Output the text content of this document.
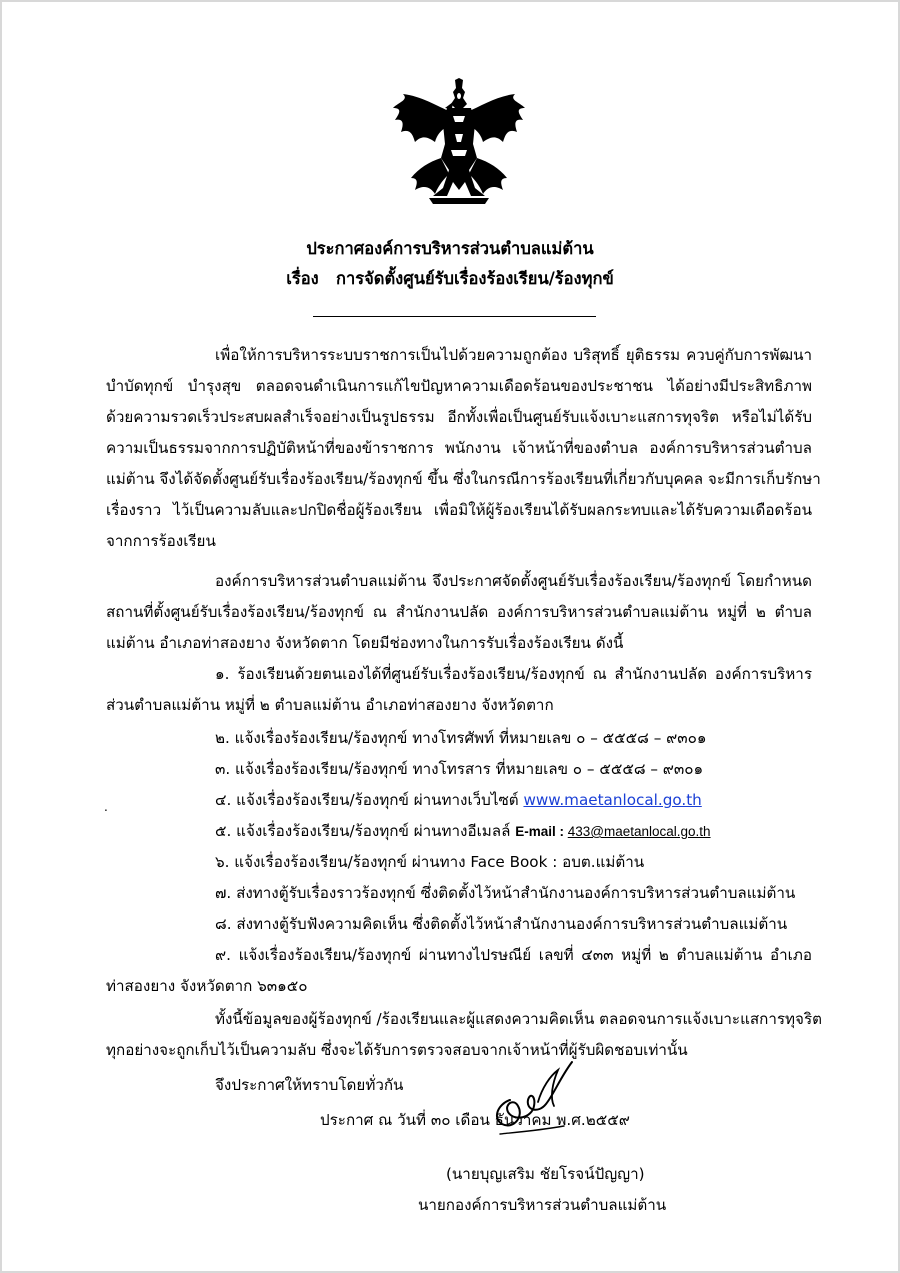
ประกาศองค์การบริหารส่วนตำบลแม่ต้าน
เรื่อง การจัดตั้งศูนย์รับเรื่องร้องเรียน/ร้องทุกข์
เพื่อให้การบริหารระบบราชการเป็นไปด้วยความถูกต้อง บริสุทธิ์ ยุติธรรม ควบคู่กับการพัฒนา
บำบัดทุกข์ บำรุงสุข ตลอดจนดำเนินการแก้ไขปัญหาความเดือดร้อนของประชาชน ได้อย่างมีประสิทธิภาพ
ด้วยความรวดเร็วประสบผลสำเร็จอย่างเป็นรูปธรรม อีกทั้งเพื่อเป็นศูนย์รับแจ้งเบาะแสการทุจริต หรือไม่ได้รับ
ความเป็นธรรมจากการปฏิบัติหน้าที่ของข้าราชการ พนักงาน เจ้าหน้าที่ของตำบล องค์การบริหารส่วนตำบล
แม่ต้าน จึงได้จัดตั้งศูนย์รับเรื่องร้องเรียน/ร้องทุกข์ ขึ้น ซึ่งในกรณีการร้องเรียนที่เกี่ยวกับบุคคล จะมีการเก็บรักษา
เรื่องราว ไว้เป็นความลับและปกปิดชื่อผู้ร้องเรียน เพื่อมิให้ผู้ร้องเรียนได้รับผลกระทบและได้รับความเดือดร้อน
จากการร้องเรียน
องค์การบริหารส่วนตำบลแม่ต้าน จึงประกาศจัดตั้งศูนย์รับเรื่องร้องเรียน/ร้องทุกข์ โดยกำหนด
สถานที่ตั้งศูนย์รับเรื่องร้องเรียน/ร้องทุกข์ ณ สำนักงานปลัด องค์การบริหารส่วนตำบลแม่ต้าน หมู่ที่ ๒ ตำบล
แม่ต้าน อำเภอท่าสองยาง จังหวัดตาก โดยมีช่องทางในการรับเรื่องร้องเรียน ดังนี้
๑. ร้องเรียนด้วยตนเองได้ที่ศูนย์รับเรื่องร้องเรียน/ร้องทุกข์ ณ สำนักงานปลัด องค์การบริหาร
ส่วนตำบลแม่ต้าน หมู่ที่ ๒ ตำบลแม่ต้าน อำเภอท่าสองยาง จังหวัดตาก
๒. แจ้งเรื่องร้องเรียน/ร้องทุกข์ ทางโทรศัพท์ ที่หมายเลข ๐ – ๕๕๕๘ – ๙๓๐๑
๓. แจ้งเรื่องร้องเรียน/ร้องทุกข์ ทางโทรสาร ที่หมายเลข ๐ – ๕๕๕๘ – ๙๓๐๑
๔. แจ้งเรื่องร้องเรียน/ร้องทุกข์ ผ่านทางเว็บไซต์ www.maetanlocal.go.th
๕. แจ้งเรื่องร้องเรียน/ร้องทุกข์ ผ่านทางอีเมลล์ E-mail : 433@maetanlocal.go.th
.
๖. แจ้งเรื่องร้องเรียน/ร้องทุกข์ ผ่านทาง Face Book : อบต.แม่ต้าน
๗. ส่งทางตู้รับเรื่องราวร้องทุกข์ ซึ่งติดตั้งไว้หน้าสำนักงานองค์การบริหารส่วนตำบลแม่ต้าน
๘. ส่งทางตู้รับฟังความคิดเห็น ซึ่งติดตั้งไว้หน้าสำนักงานองค์การบริหารส่วนตำบลแม่ต้าน
๙. แจ้งเรื่องร้องเรียน/ร้องทุกข์ ผ่านทางไปรษณีย์ เลขที่ ๔๓๓ หมู่ที่ ๒ ตำบลแม่ต้าน อำเภอ
ท่าสองยาง จังหวัดตาก ๖๓๑๕๐
ทั้งนี้ข้อมูลของผู้ร้องทุกข์ /ร้องเรียนและผู้แสดงความคิดเห็น ตลอดจนการแจ้งเบาะแสการทุจริต
ทุกอย่างจะถูกเก็บไว้เป็นความลับ ซึ่งจะได้รับการตรวจสอบจากเจ้าหน้าที่ผู้รับผิดชอบเท่านั้น
จึงประกาศให้ทราบโดยทั่วกัน
ประกาศ ณ วันที่ ๓๐ เดือน ธันวาคม พ.ศ.๒๕๕๙
(นายบุญเสริม ชัยโรจน์ปัญญา)
นายกองค์การบริหารส่วนตำบลแม่ต้าน
